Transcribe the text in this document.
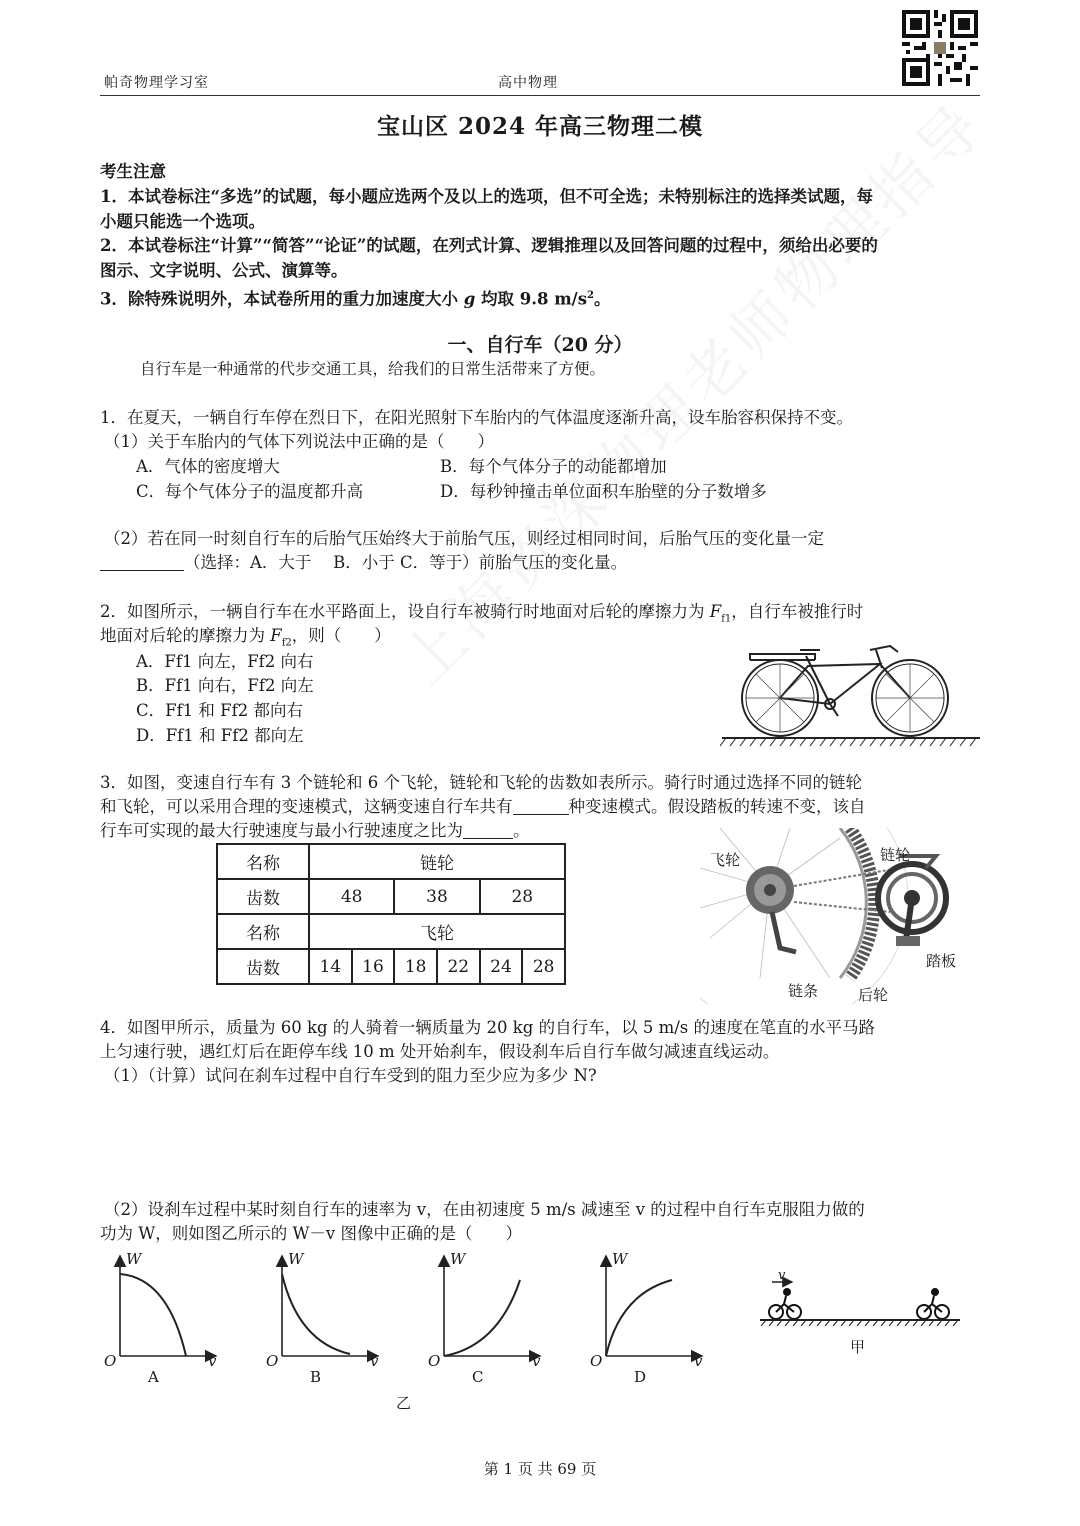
帕奇物理学习室	高中物理
宝山区 2024 年高三物理二模
考生注意
1．本试卷标注“多选”的试题，每小题应选两个及以上的选项，但不可全选；未特别标注的选择类试题，每
小题只能选一个选项。
2．本试卷标注“计算”“简答”“论证”的试题，在列式计算、逻辑推理以及回答问题的过程中，须给出必要的
图示、文字说明、公式、演算等。
3．除特殊说明外，本试卷所用的重力加速度大小 g 均取 9.8 $m/s^2$。
一、自行车（20 分）
自行车是一种通常的代步交通工具，给我们的日常生活带来了方便。
1．在夏天，一辆自行车停在烈日下，在阳光照射下车胎内的气体温度逐渐升高，设车胎容积保持不变。
（1）关于车胎内的气体下列说法中正确的是（　　）
A．气体的密度增大	B．每个气体分子的动能都增加
C．每个气体分子的温度都升高	D．每秒钟撞击单位面积车胎壁的分子数增多
（2）若在同一时刻自行车的后胎气压始终大于前胎气压，则经过相同时间，后胎气压的变化量一定
（选择：A．大于　 B．小于 C．等于）前胎气压的变化量。
2．如图所示，一辆自行车在水平路面上，设自行车被骑行时地面对后轮的摩擦力为 $F_{f1}$，自行车被推行时
地面对后轮的摩擦力为 $F_{f2}$，则（　　）
A．Ff1 向左，Ff2 向右
B．Ff1 向右，Ff2 向左
C．Ff1 和 Ff2 都向右
D．Ff1 和 Ff2 都向左
3．如图，变速自行车有 3 个链轮和 6 个飞轮，链轮和飞轮的齿数如表所示。骑行时通过选择不同的链轮
和飞轮，可以采用合理的变速模式，这辆变速自行车共有	种变速模式。假设踏板的转速不变，该自
行车可实现的最大行驶速度与最小行驶速度之比为	。
名称	链轮					
齿数	48		38		28	
名称	飞轮					
齿数	14	16	18	22	24	28
飞轮	链轮
踏板
链条	后轮
4．如图甲所示，质量为 60 kg 的人骑着一辆质量为 20 kg 的自行车，以 5 m/s 的速度在笔直的水平马路
上匀速行驶，遇红灯后在距停车线 10 m 处开始刹车，假设刹车后自行车做匀减速直线运动。
（1）（计算）试问在刹车过程中自行车受到的阻力至少应为多少 N?
（2）设刹车过程中某时刻自行车的速率为 v，在由初速度 5 m/s 减速至 v 的过程中自行车克服阻力做的
功为 W，则如图乙所示的 W－v 图像中正确的是（　　）
W
O	v
A
W
O	v
B
W
O	v
C
W
O	v
D
乙
v
甲
第 1 页 共 69 页
